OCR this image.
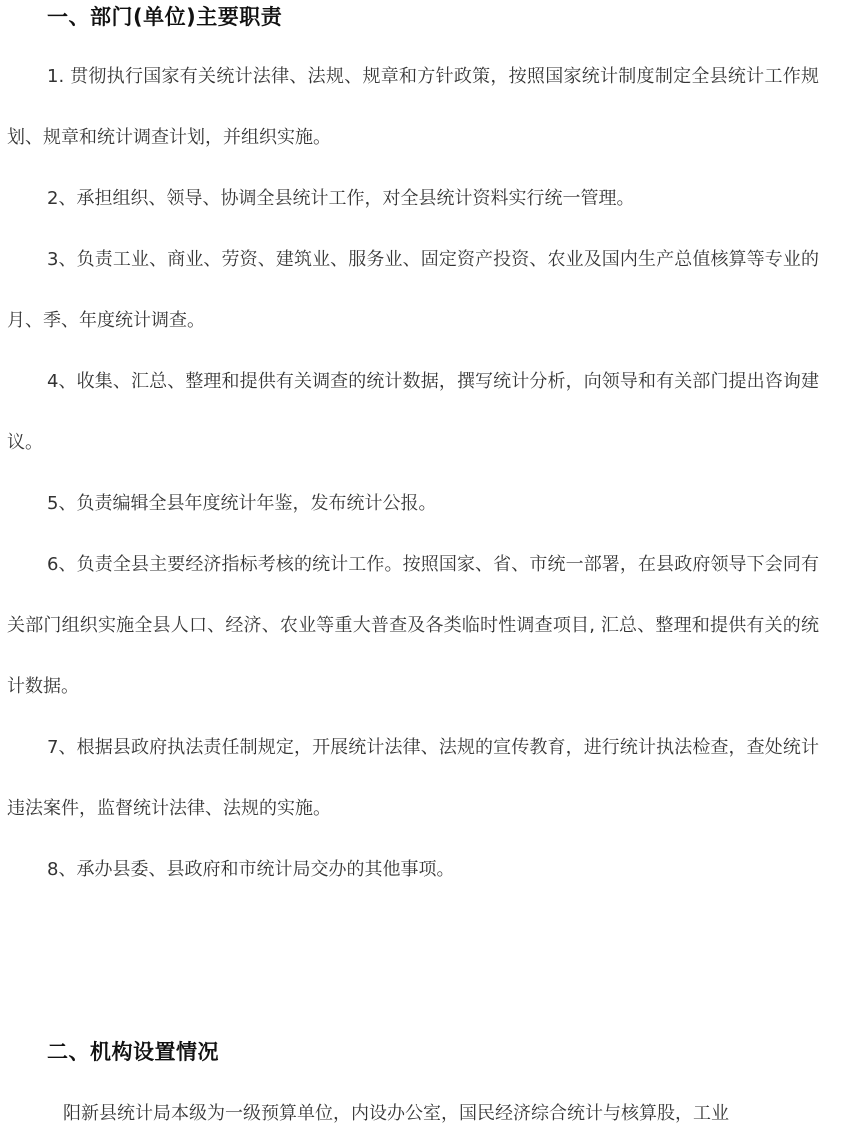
一、部门(单位)主要职责

1. 贯彻执行国家有关统计法律、法规、规章和方针政策，按照国家统计制度制定全县统计工作规划、规章和统计调查计划，并组织实施。

2、承担组织、领导、协调全县统计工作，对全县统计资料实行统一管理。

3、负责工业、商业、劳资、建筑业、服务业、固定资产投资、农业及国内生产总值核算等专业的月、季、年度统计调查。

4、收集、汇总、整理和提供有关调查的统计数据，撰写统计分析，向领导和有关部门提出咨询建议。

5、负责编辑全县年度统计年鉴，发布统计公报。

6、负责全县主要经济指标考核的统计工作。按照国家、省、市统一部署，在县政府领导下会同有关部门组织实施全县人口、经济、农业等重大普查及各类临时性调查项目, 汇总、整理和提供有关的统计数据。

7、根据县政府执法责任制规定，开展统计法律、法规的宣传教育，进行统计执法检查，查处统计违法案件，监督统计法律、法规的实施。

8、承办县委、县政府和市统计局交办的其他事项。

二、机构设置情况

阳新县统计局本级为一级预算单位，内设办公室，国民经济综合统计与核算股，工业
